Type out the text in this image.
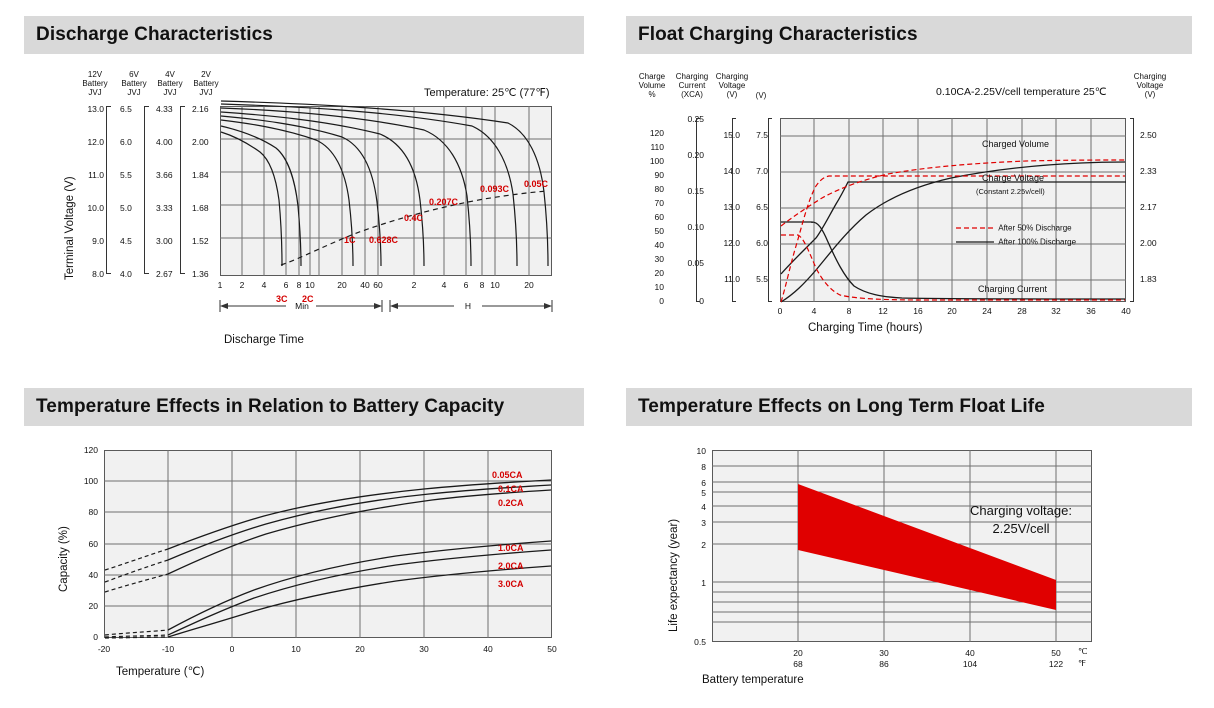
Discharge Characteristics
12V
Battery
JVJ
6V
Battery
JVJ
4V
Battery
JVJ
2V
Battery
JVJ
13.0
12.0
11.0
10.0
9.0
8.0
6.5
6.0
5.5
5.0
4.5
4.0
4.33
4.00
3.66
3.33
3.00
2.67
2.16
2.00
1.84
1.68
1.52
1.36
3C 2C
1C 0.628C
0.4C
0.207C
0.093C 0.05C
Temperature: 25℃ (77℉)
1	2	4	6 8 10	20	40 60	2	4	6	8 10	20
Min	H
Discharge Time
Terminal Voltage (V)
Float Charging Characteristics
Charge
Volume
%
Charging
Current
(XCA)
Charging
Voltage
(V)	(V)
Charging
Voltage
(V)
120
110
100
90
80
70
60
50
40
30
20
10
0
0.25
0.20
0.15
0.10
0.05
0
15.0
14.0
13.0
12.0
11.0
7.5
7.0
6.5
6.0
5.5
2.50
2.33
2.17
2.00
1.83
0.10CA-2.25V/cell temperature 25℃
Charged Volume
Charge Voltage
(Constant 2.25v/cell)
Charging Current
After 50% Discharge
After 100% Discharge
0	4	8	12	16	20	24	28	32	36	40
Charging Time (hours)
Temperature Effects in Relation to Battery Capacity
120
100
80
60
40
20
0
-20	-10	0	10	20	30	40	50
0.05CA
0.1CA
0.2CA
1.0CA
2.0CA
3.0CA
Temperature (℃)
Capacity (%)
Temperature Effects on Long Term Float Life
10
8
6
5
4
3
2
1
0.5
20	30	40	50	℃
68	86	104	122	℉
Charging voltage:
2.25V/cell
Battery temperature
Life expectancy (year)
